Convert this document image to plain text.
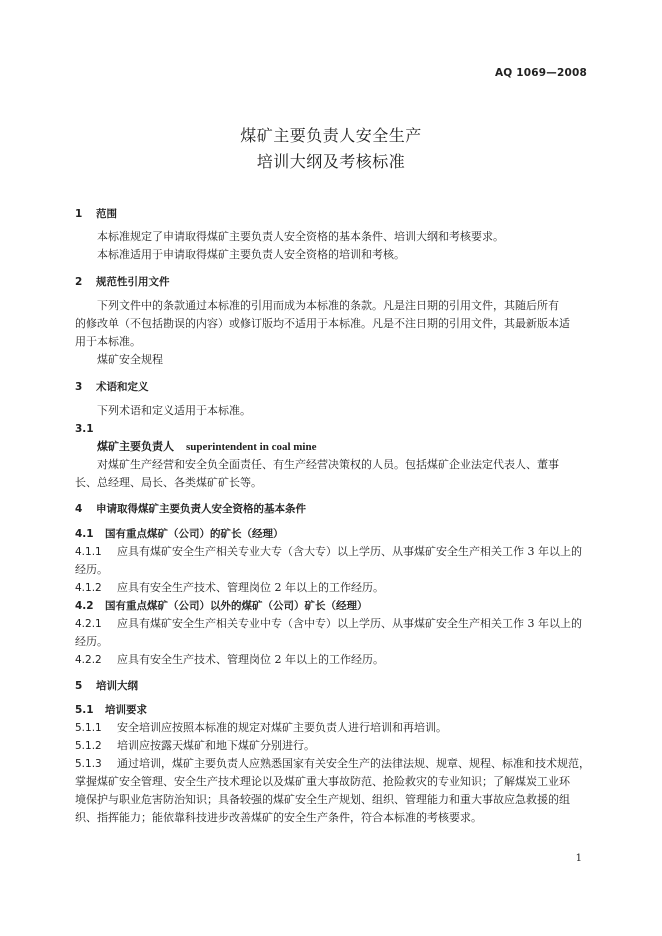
AQ 1069—2008
煤矿主要负责人安全生产
培训大纲及考核标准
1 范围
本标准规定了申请取得煤矿主要负责人安全资格的基本条件、培训大纲和考核要求。
本标准适用于申请取得煤矿主要负责人安全资格的培训和考核。
2 规范性引用文件
下列文件中的条款通过本标准的引用而成为本标准的条款。凡是注日期的引用文件，其随后所有
的修改单（不包括勘误的内容）或修订版均不适用于本标准。凡是不注日期的引用文件，其最新版本适
用于本标准。
煤矿安全规程
3 术语和定义
下列术语和定义适用于本标准。
3.1
煤矿主要负责人 superintendent in coal mine
对煤矿生产经营和安全负全面责任、有生产经营决策权的人员。包括煤矿企业法定代表人、董事
长、总经理、局长、各类煤矿矿长等。
4 申请取得煤矿主要负责人安全资格的基本条件
4.1 国有重点煤矿（公司）的矿长（经理）
4.1.1 应具有煤矿安全生产相关专业大专（含大专）以上学历、从事煤矿安全生产相关工作 3 年以上的
经历。
4.1.2 应具有安全生产技术、管理岗位 2 年以上的工作经历。
4.2 国有重点煤矿（公司）以外的煤矿（公司）矿长（经理）
4.2.1 应具有煤矿安全生产相关专业中专（含中专）以上学历、从事煤矿安全生产相关工作 3 年以上的
经历。
4.2.2 应具有安全生产技术、管理岗位 2 年以上的工作经历。
5 培训大纲
5.1 培训要求
5.1.1 安全培训应按照本标准的规定对煤矿主要负责人进行培训和再培训。
5.1.2 培训应按露天煤矿和地下煤矿分别进行。
5.1.3 通过培训，煤矿主要负责人应熟悉国家有关安全生产的法律法规、规章、规程、标准和技术规范，
掌握煤矿安全管理、安全生产技术理论以及煤矿重大事故防范、抢险救灾的专业知识；了解煤炭工业环
境保护与职业危害防治知识；具备较强的煤矿安全生产规划、组织、管理能力和重大事故应急救援的组
织、指挥能力；能依靠科技进步改善煤矿的安全生产条件，符合本标准的考核要求。
1
